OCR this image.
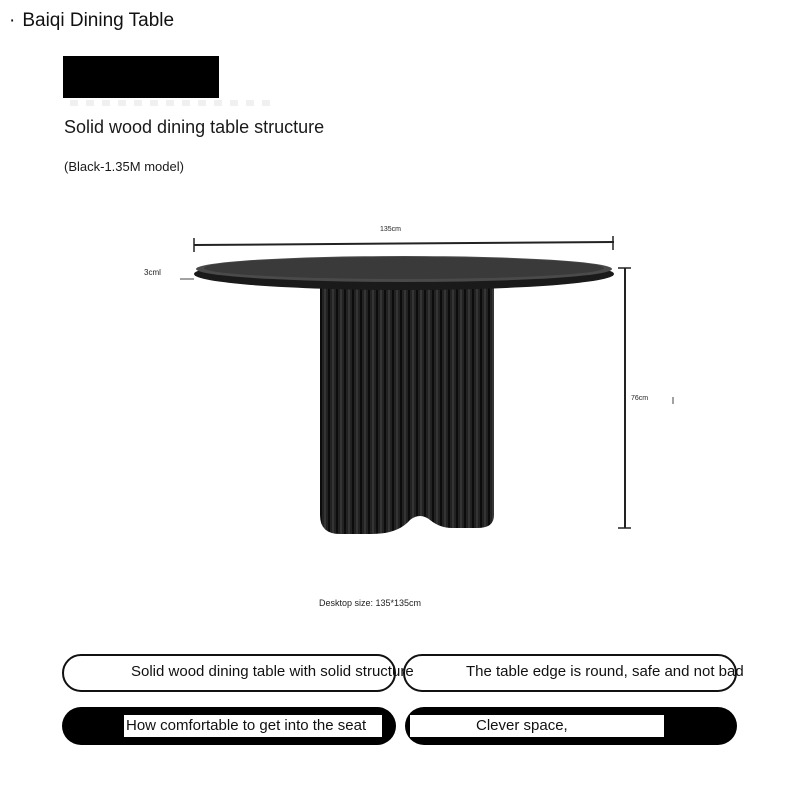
· Baiqi Dining Table
Solid wood dining table structure
(Black-1.35M model)
135cm
3cml
76cm
Desktop size: 135*135cm
Solid wood dining table with solid structure	The table edge is round, safe and not bad
How comfortable to get into the seat	Clever space,
